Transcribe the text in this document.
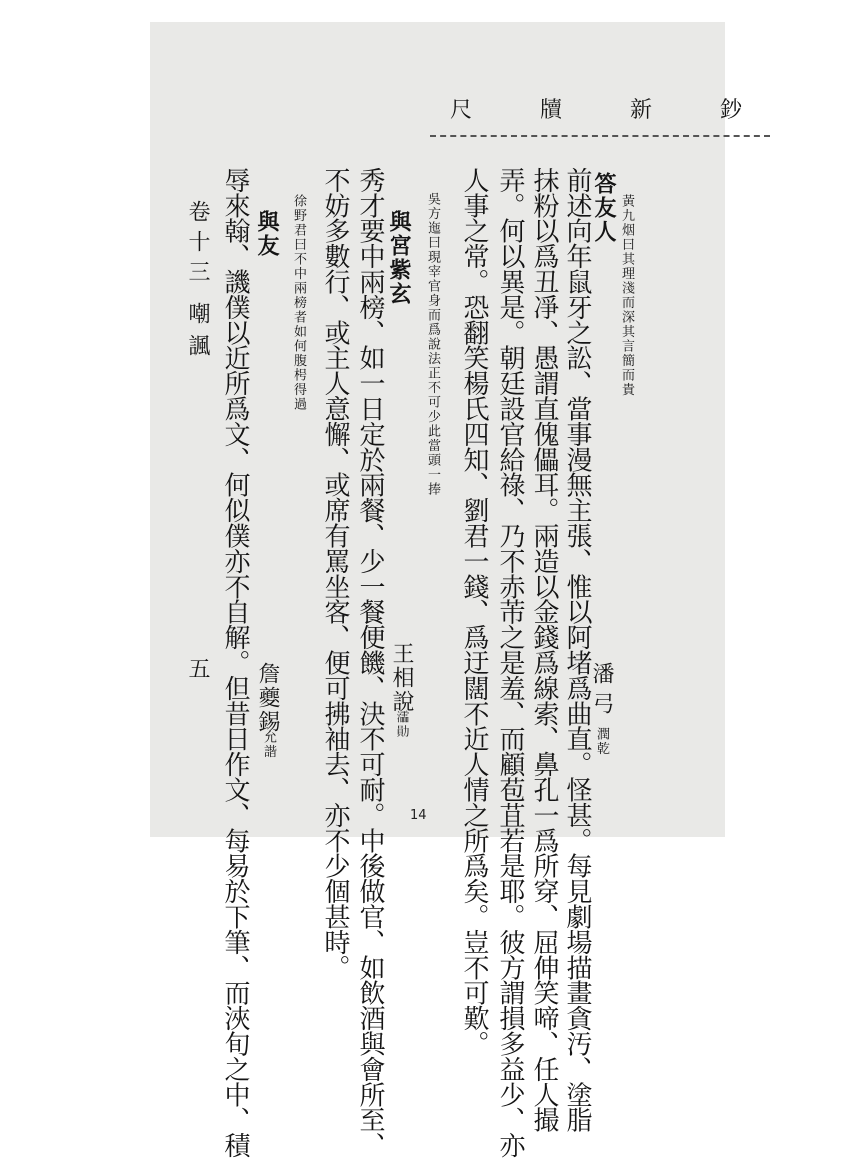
尺牘新鈔
答友人 黃九烟曰其理淺而深其言簡而貴
潘弓
潤乾
前述向年鼠牙之訟、當事漫無主張、惟以阿堵爲曲直。怪甚。每見劇場描畫貪汚、塗脂
抹粉以爲丑凈、愚謂直傀儡耳。兩造以金錢爲線索、鼻孔一爲所穿、屈伸笑啼、任人撮
弄。何以異是。朝廷設官給祿、乃不赤芾之是羞、而顧苞苴若是耶。彼方謂損多益少、亦
人事之常。恐翻笑楊氏四知、劉君一錢、爲迂闊不近人情之所爲矣。豈不可歎。
吳方迤曰現宰官身而爲說法正不可少此當頭一捧
與宮紫玄
王相說
𤃩勛
秀才要中兩榜、如一日定於兩餐、少一餐便饑、決不可耐。中後做官、如飲酒與會所至、
不妨多數行、或主人意懈、或席有罵坐客、便可拂袖去、亦不少個甚時。
徐野君曰不中兩榜者如何腹枵得過
與友
詹夔錫
允諧
辱來翰、譏僕以近所爲文、何似僕亦不自解。但昔日作文、每易於下筆、而浹旬之中、積
卷十三
嘲諷
五
14
